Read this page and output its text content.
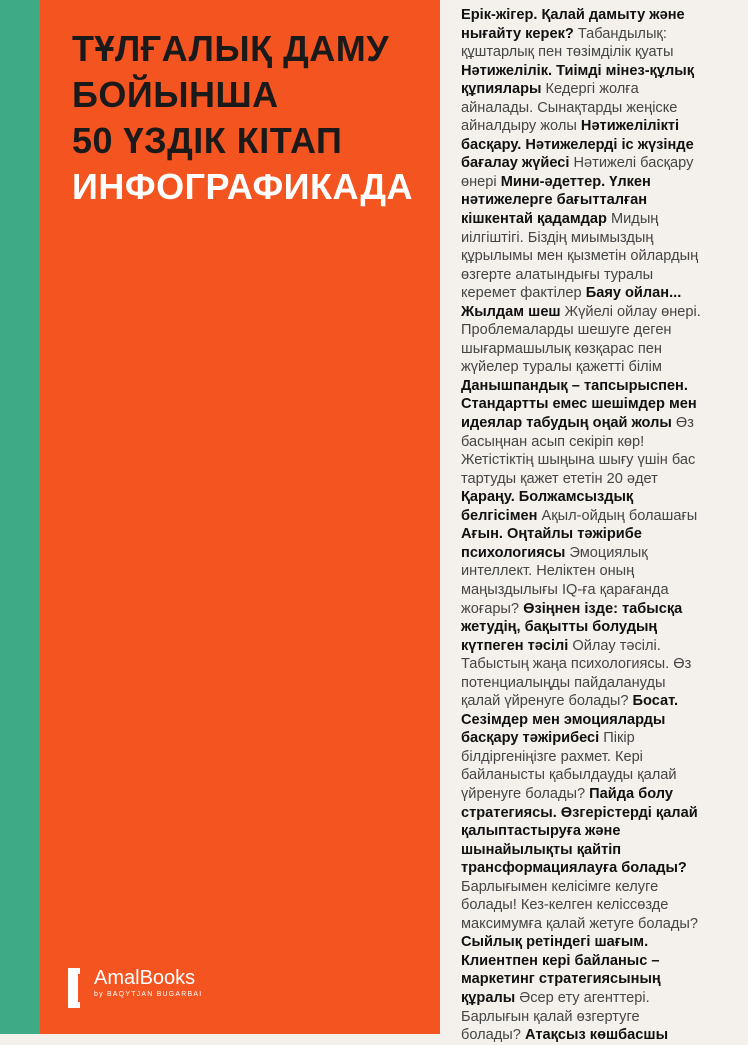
ТҰЛҒАЛЫҚ ДАМУ
БОЙЫНША
50 ҮЗДІК КІТАП
ИНФОГРАФИКАДА
AmalBooks
by BAQYTJAN BUGARBAI
Ерік-жігер. Қалай дамыту және
нығайту керек? Табандылық:
құштарлық пен төзімділік қуаты
Нәтижелілік. Тиімді мінез-құлық
құпиялары Кедергі жолға
айналады. Сынақтарды жеңіске
айналдыру жолы Нәтижелілікті
басқару. Нәтижелерді іс жүзінде
бағалау жүйесі Нәтижелі басқару
өнері Мини-әдеттер. Үлкен
нәтижелерге бағытталған
кішкентай қадамдар Мидың
иілгіштігі. Біздің миымыздың
құрылымы мен қызметін ойлардың
өзгерте алатындығы туралы
керемет фактілер Баяу ойлан...
Жылдам шеш Жүйелі ойлау өнері.
Проблемаларды шешуге деген
шығармашылық көзқарас пен
жүйелер туралы қажетті білім
Данышпандық – тапсырыспен.
Стандартты емес шешімдер мен
идеялар табудың оңай жолы Өз
басыңнан асып секіріп көр!
Жетістіктің шыңына шығу үшін бас
тартуды қажет ететін 20 әдет
Қараңу. Болжамсыздық
белгісімен Ақыл-ойдың болашағы
Ағын. Оңтайлы тәжірибе
психологиясы Эмоциялық
интеллект. Неліктен оның
маңыздылығы IQ-ға қарағанда
жоғары? Өзіңнен ізде: табысқа
жетудің, бақытты болудың
күтпеген тәсілі Ойлау тәсілі.
Табыстың жаңа психологиясы. Өз
потенциалыңды пайдалануды
қалай үйренуге болады? Босат.
Сезімдер мен эмоцияларды
басқару тәжірибесі Пікір
білдіргеніңізге рахмет. Кері
байланысты қабылдауды қалай
үйренуге болады? Пайда болу
стратегиясы. Өзгерістерді қалай
қалыптастыруға және
шынайылықты қайтіп
трансформациялауға болады?
Барлығымен келісімге келуге
болады! Кез-келген келіссөзде
максимумға қалай жетуге болады?
Сыйлық ретіндегі шағым.
Клиентпен кері байланыс –
маркетинг стратегиясының
құралы Әсер ету агенттері.
Барлығын қалай өзгертуге
болады? Атақсыз көшбасшы
